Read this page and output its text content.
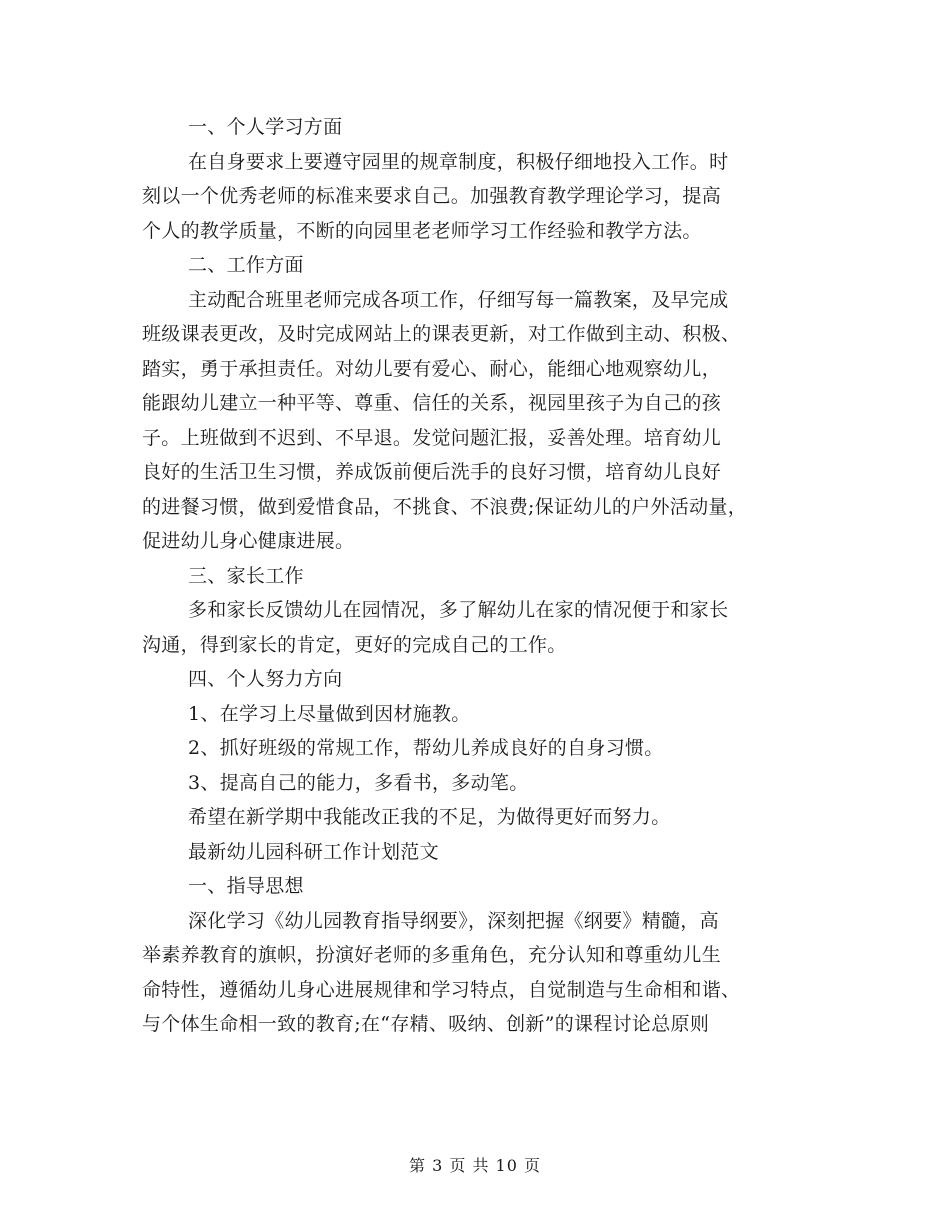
一、个人学习方面
在自身要求上要遵守园里的规章制度，积极仔细地投入工作。时
刻以一个优秀老师的标准来要求自己。加强教育教学理论学习，提高
个人的教学质量，不断的向园里老老师学习工作经验和教学方法。
二、工作方面
主动配合班里老师完成各项工作，仔细写每一篇教案，及早完成
班级课表更改，及时完成网站上的课表更新，对工作做到主动、积极、
踏实，勇于承担责任。对幼儿要有爱心、耐心，能细心地观察幼儿，
能跟幼儿建立一种平等、尊重、信任的关系，视园里孩子为自己的孩
子。上班做到不迟到、不早退。发觉问题汇报，妥善处理。培育幼儿
良好的生活卫生习惯，养成饭前便后洗手的良好习惯，培育幼儿良好
的进餐习惯，做到爱惜食品，不挑食、不浪费;保证幼儿的户外活动量，
促进幼儿身心健康进展。
三、家长工作
多和家长反馈幼儿在园情况，多了解幼儿在家的情况便于和家长
沟通，得到家长的肯定，更好的完成自己的工作。
四、个人努力方向
1、在学习上尽量做到因材施教。
2、抓好班级的常规工作，帮幼儿养成良好的自身习惯。
3、提高自己的能力，多看书，多动笔。
希望在新学期中我能改正我的不足，为做得更好而努力。
最新幼儿园科研工作计划范文
一、指导思想
深化学习《幼儿园教育指导纲要》，深刻把握《纲要》精髓，高
举素养教育的旗帜，扮演好老师的多重角色，充分认知和尊重幼儿生
命特性，遵循幼儿身心进展规律和学习特点，自觉制造与生命相和谐、
与个体生命相一致的教育;在“存精、吸纳、创新”的课程讨论总原则

第 3 页 共 10 页
